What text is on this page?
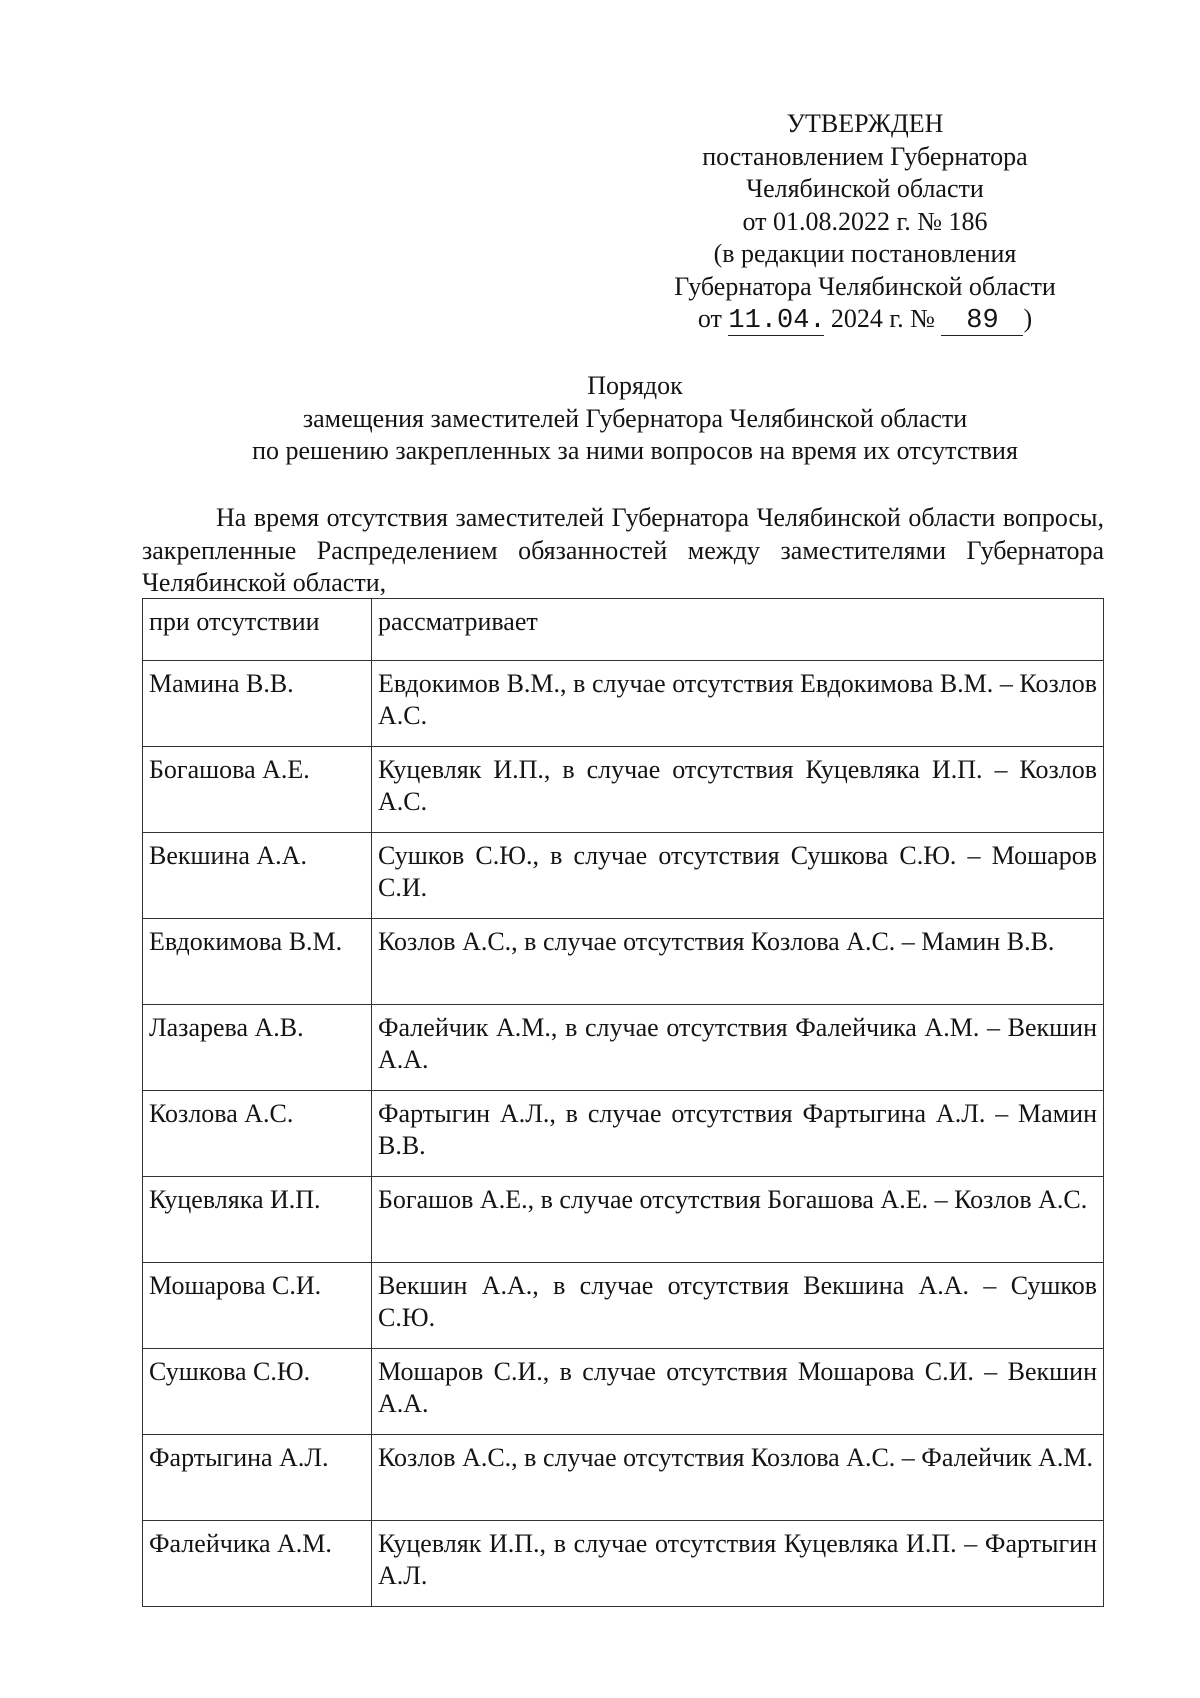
УТВЕРЖДЕН
постановлением Губернатора
Челябинской области
от 01.08.2022 г. № 186
(в редакции постановления
Губернатора Челябинской области
от 11.04. 2024 г. № 89 )
Порядок
замещения заместителей Губернатора Челябинской области
по решению закрепленных за ними вопросов на время их отсутствия

На время отсутствия заместителей Губернатора Челябинской области вопросы, закрепленные Распределением обязанностей между заместителями Губернатора Челябинской области,

при отсутствии	рассматривает
Мамина В.В.	Евдокимов В.М., в случае отсутствия Евдокимова В.М. – Козлов А.С.
Богашова А.Е.	Куцевляк И.П., в случае отсутствия Куцевляка И.П. – Козлов А.С.
Векшина А.А.	Сушков С.Ю., в случае отсутствия Сушкова С.Ю. – Мошаров С.И.
Евдокимова В.М.	Козлов А.С., в случае отсутствия Козлова А.С. – Мамин В.В.
Лазарева А.В.	Фалейчик А.М., в случае отсутствия Фалейчика А.М. – Векшин А.А.
Козлова А.С.	Фартыгин А.Л., в случае отсутствия Фартыгина А.Л. – Мамин В.В.
Куцевляка И.П.	Богашов А.Е., в случае отсутствия Богашова А.Е. – Козлов А.С.
Мошарова С.И.	Векшин А.А., в случае отсутствия Векшина А.А. – Сушков С.Ю.
Сушкова С.Ю.	Мошаров С.И., в случае отсутствия Мошарова С.И. – Векшин А.А.
Фартыгина А.Л.	Козлов А.С., в случае отсутствия Козлова А.С. – Фалейчик А.М.
Фалейчика А.М.	Куцевляк И.П., в случае отсутствия Куцевляка И.П. – Фартыгин А.Л.
